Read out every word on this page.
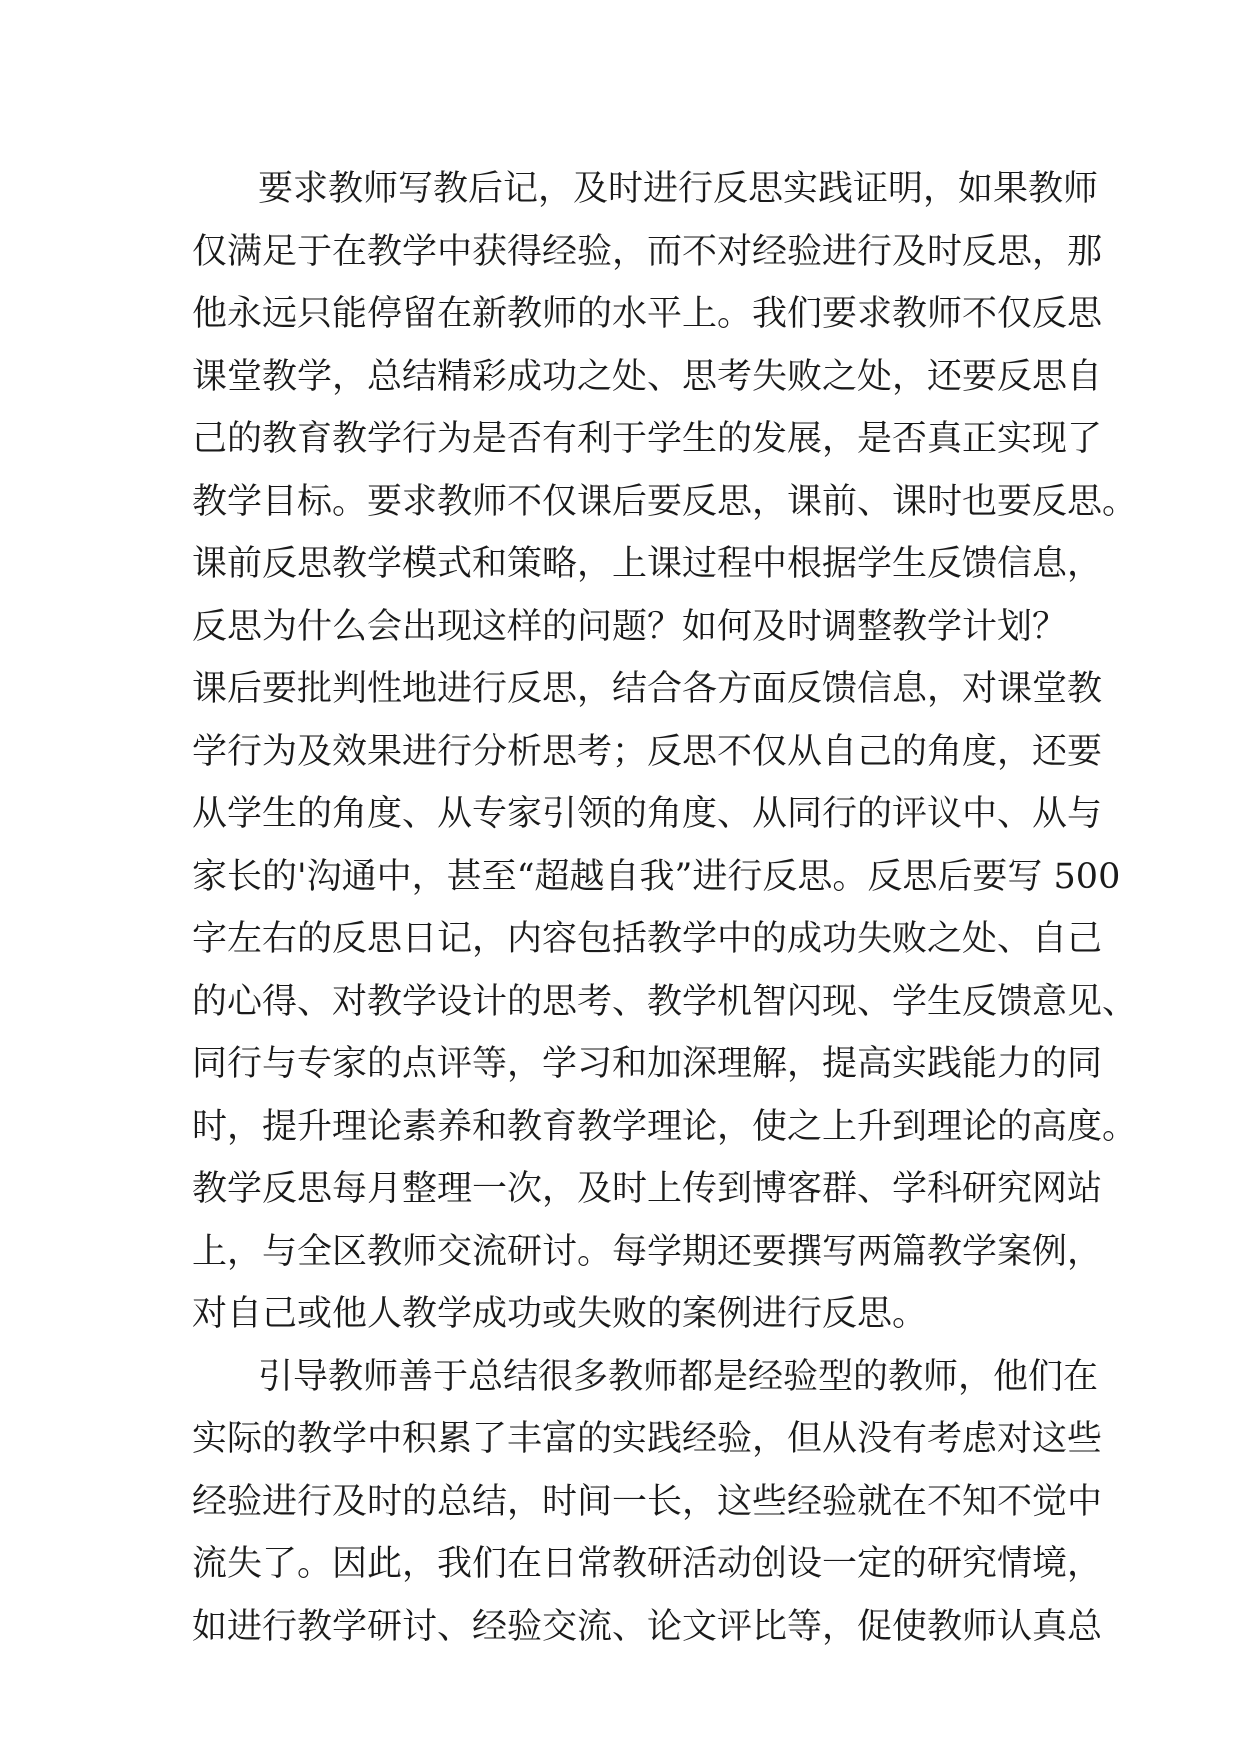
要求教师写教后记，及时进行反思实践证明，如果教师
仅满足于在教学中获得经验，而不对经验进行及时反思，那
他永远只能停留在新教师的水平上。我们要求教师不仅反思
课堂教学，总结精彩成功之处、思考失败之处，还要反思自
己的教育教学行为是否有利于学生的发展，是否真正实现了
教学目标。要求教师不仅课后要反思，课前、课时也要反思。
课前反思教学模式和策略，上课过程中根据学生反馈信息，
反思为什么会出现这样的问题？如何及时调整教学计划？
课后要批判性地进行反思，结合各方面反馈信息，对课堂教
学行为及效果进行分析思考；反思不仅从自己的角度，还要
从学生的角度、从专家引领的角度、从同行的评议中、从与
家长的'沟通中，甚至“超越自我”进行反思。反思后要写 500
字左右的反思日记，内容包括教学中的成功失败之处、自己
的心得、对教学设计的思考、教学机智闪现、学生反馈意见、
同行与专家的点评等，学习和加深理解，提高实践能力的同
时，提升理论素养和教育教学理论，使之上升到理论的高度。
教学反思每月整理一次，及时上传到博客群、学科研究网站
上，与全区教师交流研讨。每学期还要撰写两篇教学案例，
对自己或他人教学成功或失败的案例进行反思。
引导教师善于总结很多教师都是经验型的教师，他们在
实际的教学中积累了丰富的实践经验，但从没有考虑对这些
经验进行及时的总结，时间一长，这些经验就在不知不觉中
流失了。因此，我们在日常教研活动创设一定的研究情境，
如进行教学研讨、经验交流、论文评比等，促使教师认真总
